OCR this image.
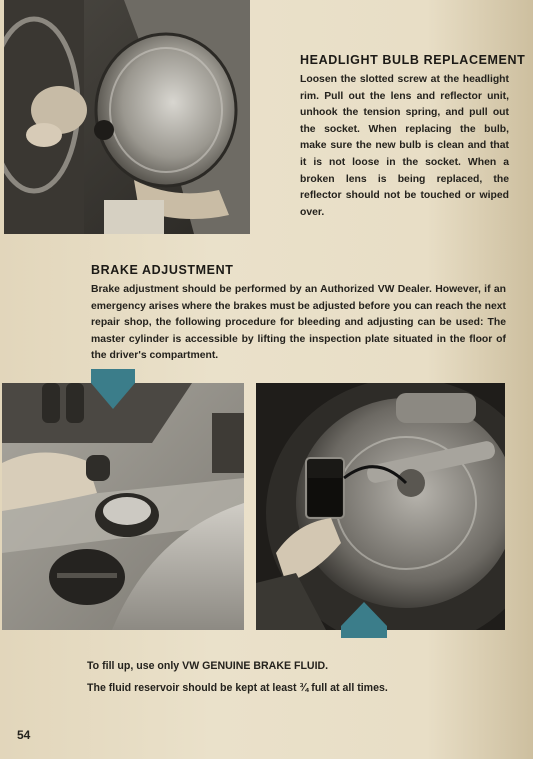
HEADLIGHT BULB REPLACEMENT

Loosen the slotted screw at the headlight rim. Pull out the lens and reflector unit, unhook the tension spring, and pull out the socket. When replacing the bulb, make sure the new bulb is clean and that it is not loose in the socket. When a broken lens is being replaced, the reflector should not be touched or wiped over.

BRAKE ADJUSTMENT

Brake adjustment should be performed by an Authorized VW Dealer. However, if an emergency arises where the brakes must be adjusted before you can reach the next repair shop, the following procedure for bleeding and adjusting can be used: The master cylinder is accessible by lifting the inspection plate situated in the floor of the driver's compartment.

To fill up, use only VW GENUINE BRAKE FLUID.
The fluid reservoir should be kept at least ¾ full at all times.
54
